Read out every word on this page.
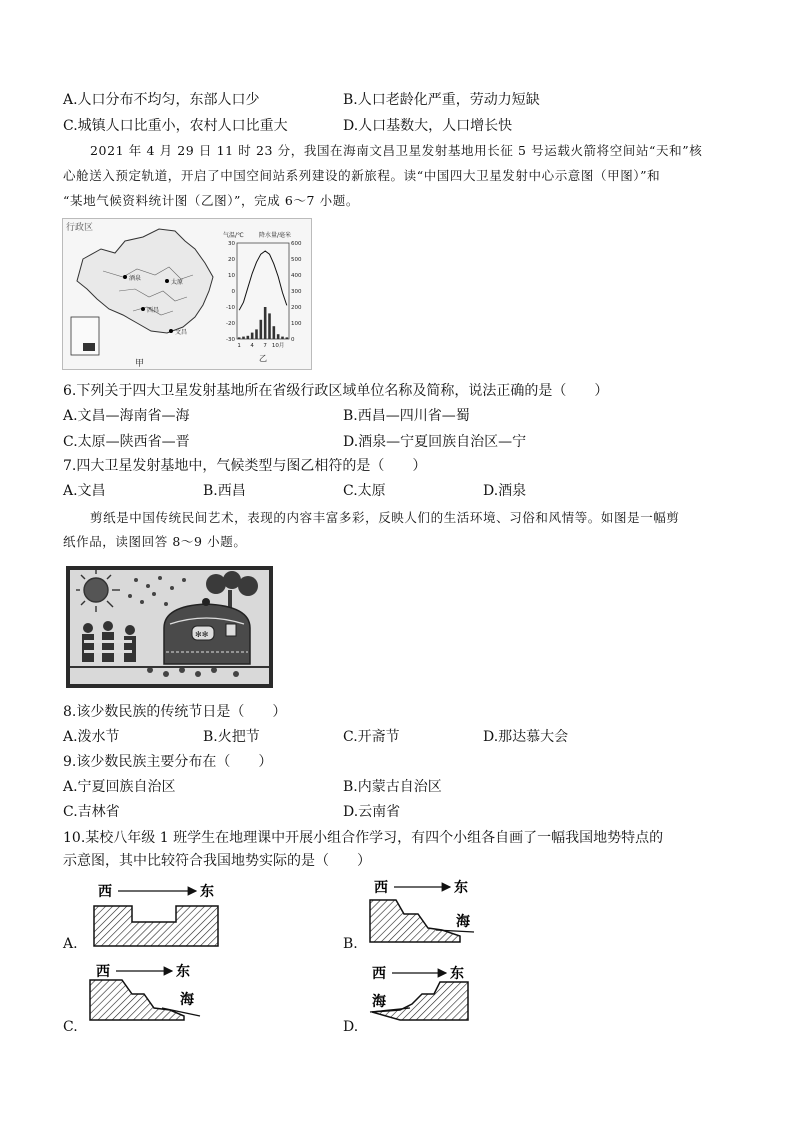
A.人口分布不均匀，东部人口少	B.人口老龄化严重，劳动力短缺
C.城镇人口比重小，农村人口比重大	D.人口基数大，人口增长快
2021 年 4 月 29 日 11 时 23 分，我国在海南文昌卫星发射基地用长征 5 号运载火箭将空间站“天和”核
心舱送入预定轨道，开启了中国空间站系列建设的新旅程。读“中国四大卫星发射中心示意图（甲图）”和
“某地气候资料统计图（乙图）”，完成 6～7 小题。
行政区
酒泉
太原
西昌
文昌
甲
气温/℃	降水量/毫米
30
20
10
0
-10
-20
-30
600
500
400
300
200
100
0
1 4 7 10月
乙
6.下列关于四大卫星发射基地所在省级行政区域单位名称及简称，说法正确的是（　　）
A.文昌—海南省—海	B.西昌—四川省—蜀
C.太原—陕西省—晋	D.酒泉—宁夏回族自治区—宁
7.四大卫星发射基地中，气候类型与图乙相符的是（　　）
A.文昌	B.西昌	C.太原	D.酒泉
剪纸是中国传统民间艺术，表现的内容丰富多彩，反映人们的生活环境、习俗和风情等。如图是一幅剪
纸作品，读图回答 8～9 小题。
✻✻
8.该少数民族的传统节日是（　　）
A.泼水节	B.火把节	C.开斋节	D.那达慕大会
9.该少数民族主要分布在（　　）
A.宁夏回族自治区	B.内蒙古自治区
C.吉林省	D.云南省
10.某校八年级 1 班学生在地理课中开展小组合作学习，有四个小组各自画了一幅我国地势特点的
示意图，其中比较符合我国地势实际的是（　　）
西	东	西	东
海
西	东
海
西	东
海
A.	B.
C.	D.
